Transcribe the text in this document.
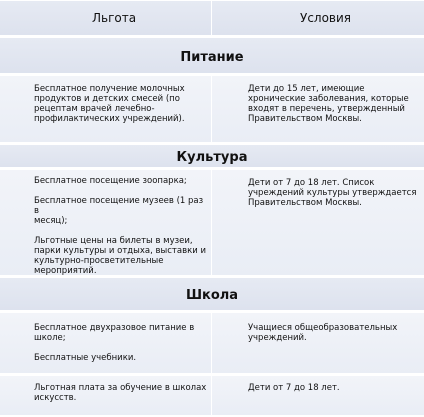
Льгота	Условия
Питание
Бесплатное получение молочных
продуктов и детских смесей (по
рецептам врачей лечебно-
профилактических учреждений).
Дети до 15 лет, имеющие
хронические заболевания, которые
входят в перечень, утвержденный
Правительством Москвы.
Культура
Бесплатное посещение зоопарка;

Бесплатное посещение музеев (1 раз в
месяц);

Льготные цены на билеты в музеи,
парки культуры и отдыха, выставки и
культурно-просветительные
мероприятий.
Дети от 7 до 18 лет. Список
учреждений культуры утверждается
Правительством Москвы.
Школа
Бесплатное двухразовое питание в
школе;

Бесплатные учебники.
Учащиеся общеобразовательных
учреждений.
Льготная плата за обучение в школах
искусств.
Дети от 7 до 18 лет.
